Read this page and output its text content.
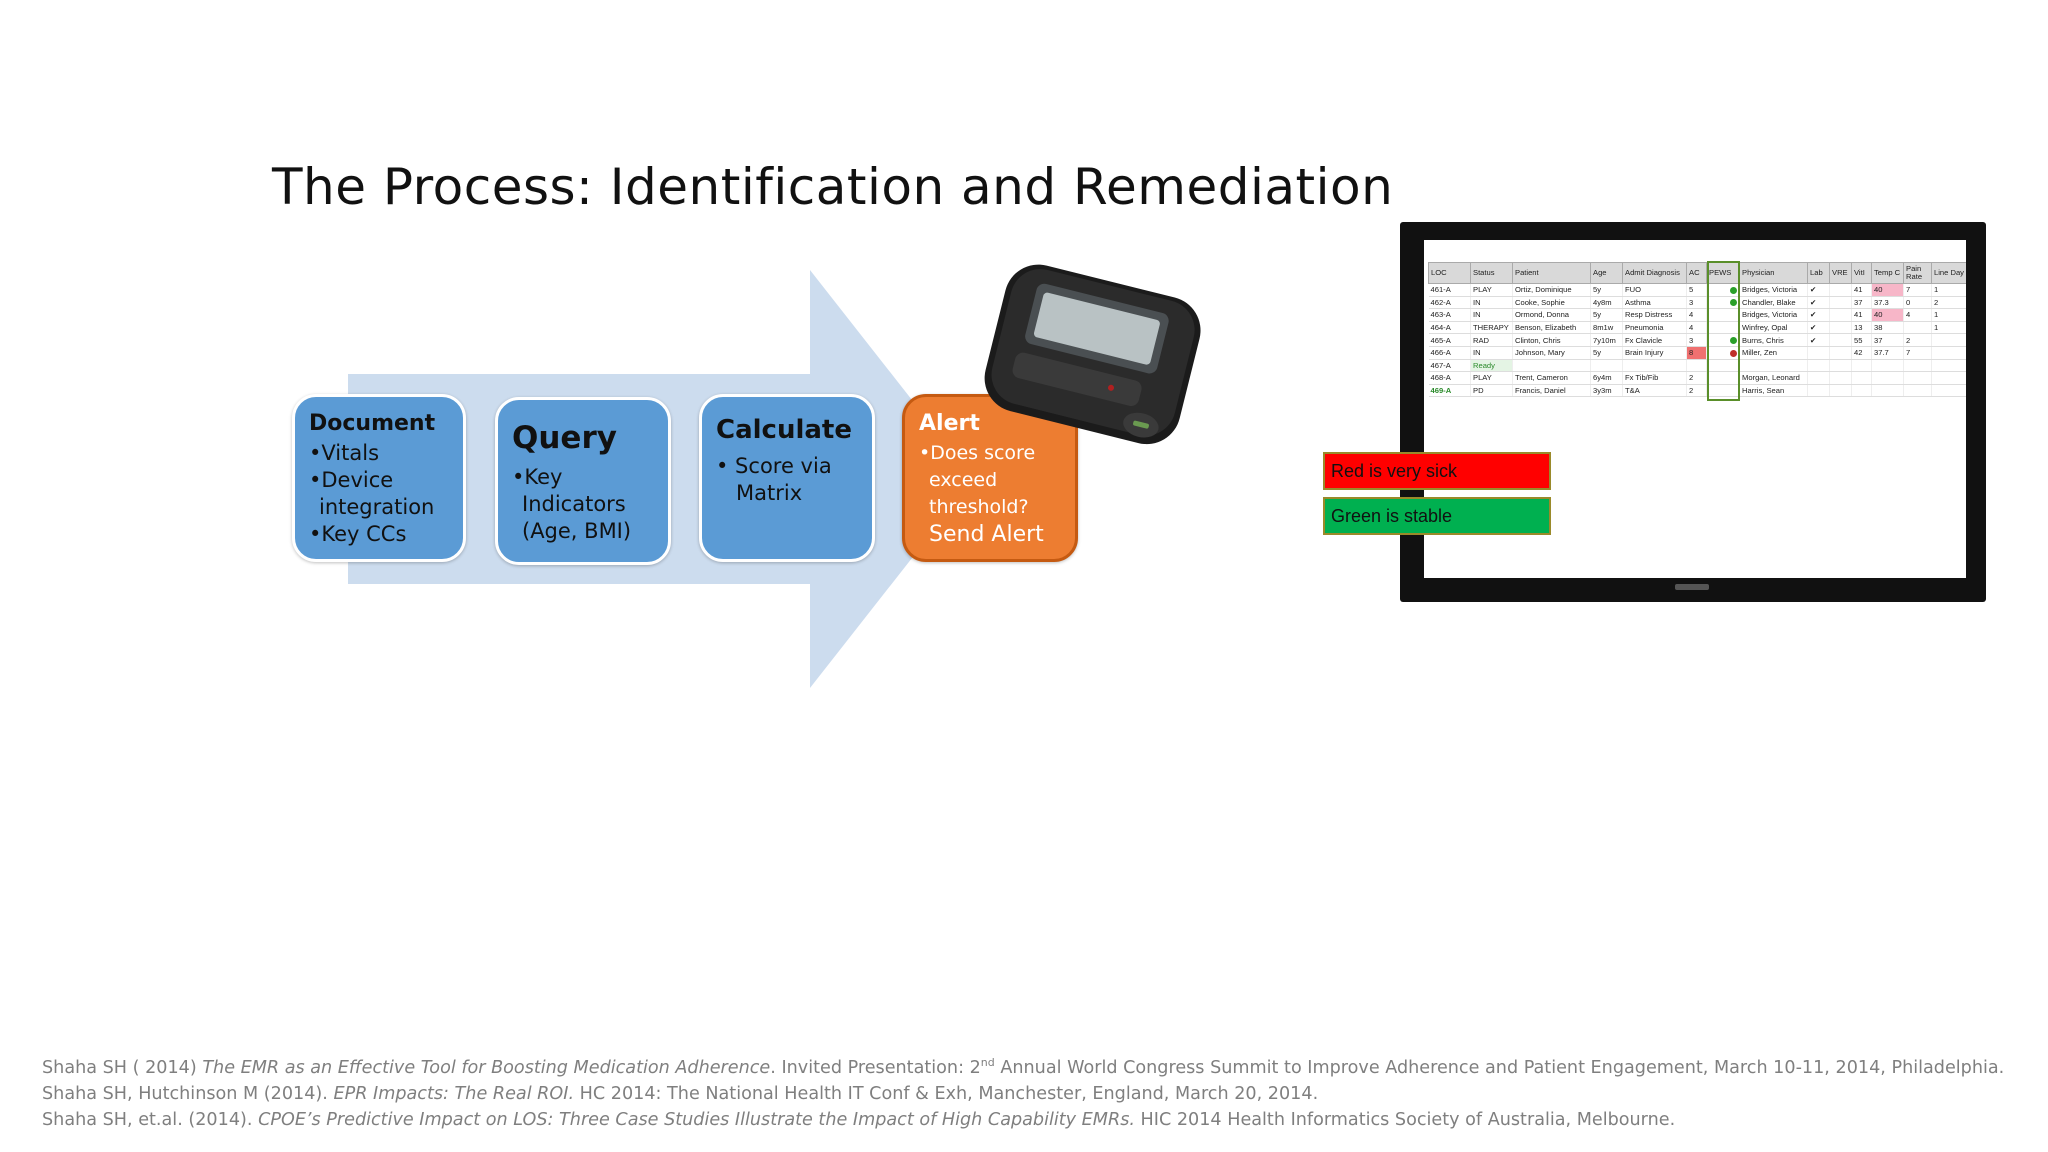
The Process: Identification and Remediation
Document
•Vitals
•Device
integration
•Key CCs
Query
•Key
Indicators
(Age, BMI)
Calculate
• Score via
Matrix
Alert
•Does score
exceed
threshold?
Send Alert
LOC	Status	Patient	Age	Admit Diagnosis	AC	PEWS	Physician	Lab	VRE	VitI	Temp C	Pain Rate	Line Day
461-A	PLAY	Ortiz, Dominique	5y	FUO	5		Bridges, Victoria	✔		41	40	7	1
462-A	IN	Cooke, Sophie	4y8m	Asthma	3		Chandler, Blake	✔		37	37.3	0	2
463-A	IN	Ormond, Donna	5y	Resp Distress	4		Bridges, Victoria	✔		41	40	4	1
464-A	THERAPY	Benson, Elizabeth	8m1w	Pneumonia	4		Winfrey, Opal	✔		13	38		1
465-A	RAD	Clinton, Chris	7y10m	Fx Clavicle	3		Burns, Chris	✔		55	37	2	
466-A	IN	Johnson, Mary	5y	Brain Injury	8		Miller, Zen			42	37.7	7	
467-A	Ready												
468-A	PLAY	Trent, Cameron	6y4m	Fx Tib/Fib	2		Morgan, Leonard						
469-A	PD	Francis, Daniel	3y3m	T&A	2		Harris, Sean						
Red is very sick
Green is stable
Shaha SH ( 2014) The EMR as an Effective Tool for Boosting Medication Adherence. Invited Presentation: 2nd Annual World Congress Summit to Improve Adherence and Patient Engagement, March 10-11, 2014, Philadelphia.
Shaha SH, Hutchinson M (2014). EPR Impacts: The Real ROI. HC 2014: The National Health IT Conf & Exh, Manchester, England, March 20, 2014.
Shaha SH, et.al. (2014). CPOE’s Predictive Impact on LOS: Three Case Studies Illustrate the Impact of High Capability EMRs. HIC 2014 Health Informatics Society of Australia, Melbourne.
